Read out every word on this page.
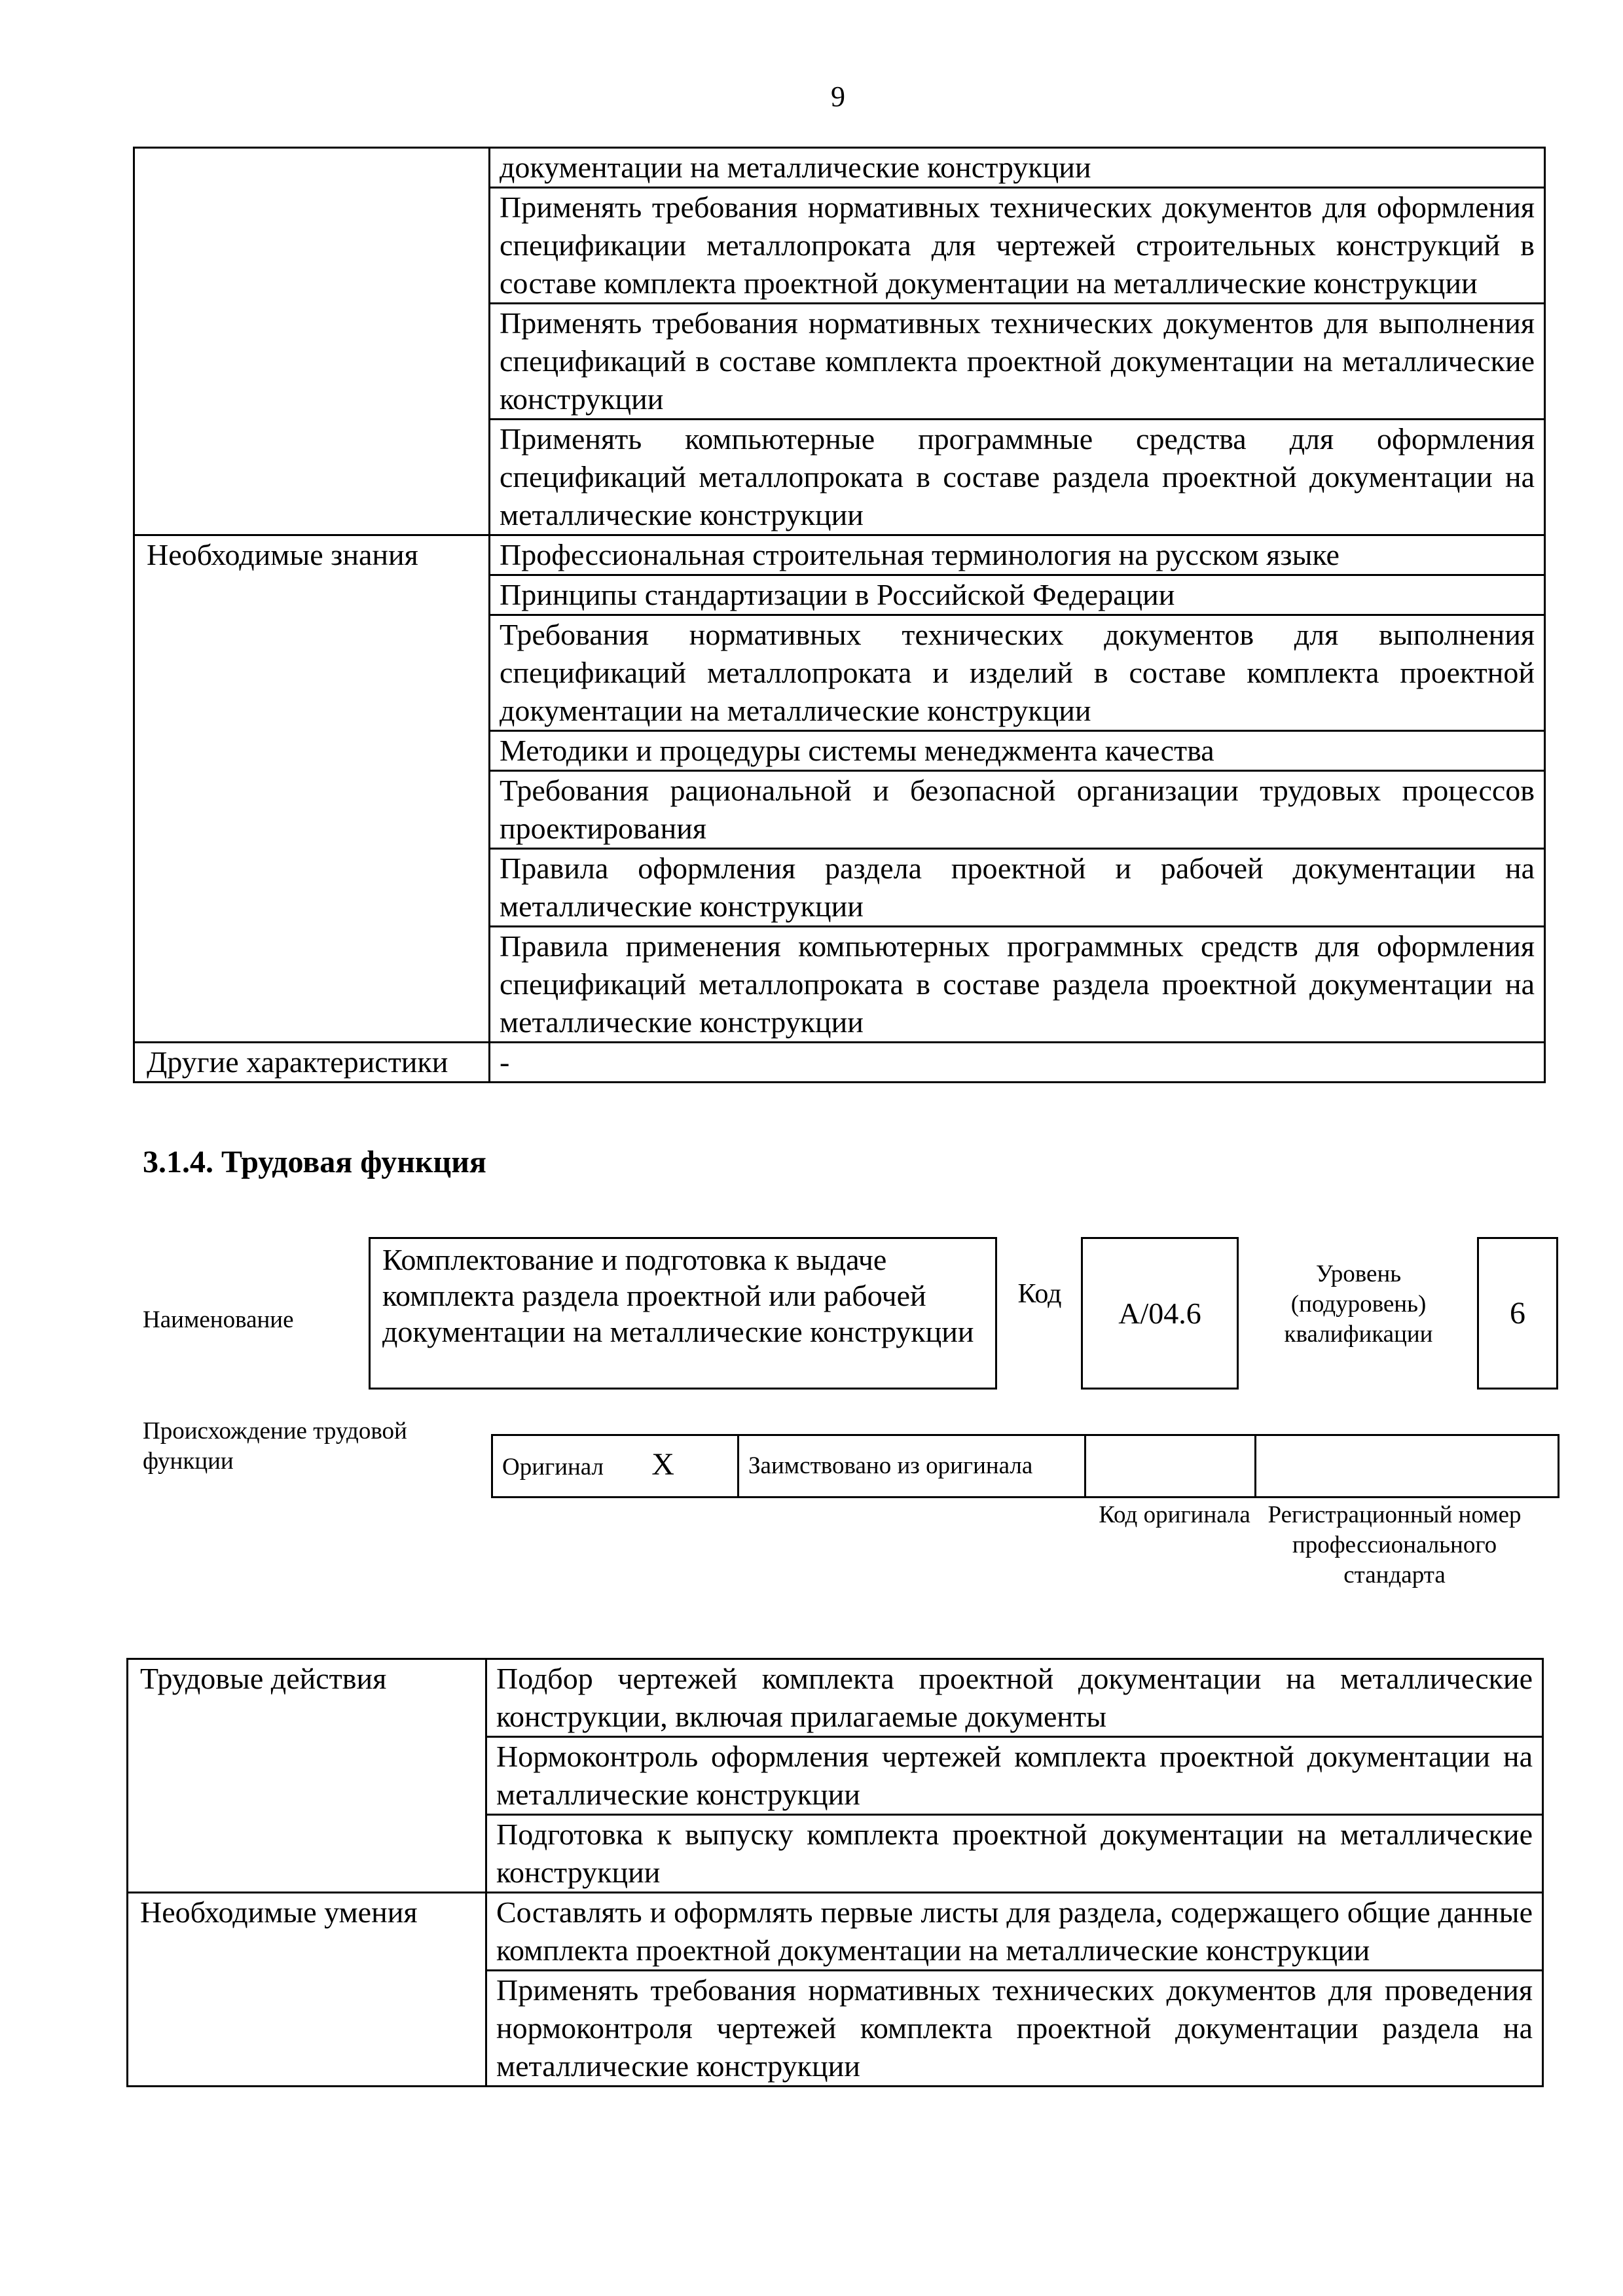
9
	документации на металлические конструкции
	Применять требования нормативных технических документов для оформления спецификации металлопроката для чертежей строительных конструкций в составе комплекта проектной документации на металлические конструкции
	Применять требования нормативных технических документов для выполнения спецификаций в составе комплекта проектной документации на металлические конструкции
	Применять компьютерные программные средства для оформления спецификаций металлопроката в составе раздела проектной документации на металлические конструкции
Необходимые знания	Профессиональная строительная терминология на русском языке
	Принципы стандартизации в Российской Федерации
	Требования нормативных технических документов для выполнения спецификаций металлопроката и изделий в составе комплекта проектной документации на металлические конструкции
	Методики и процедуры системы менеджмента качества
	Требования рациональной и безопасной организации трудовых процессов проектирования
	Правила оформления раздела проектной и рабочей документации на металлические конструкции
	Правила применения компьютерных программных средств для оформления спецификаций металлопроката в составе раздела проектной документации на металлические конструкции
Другие характеристики	-
3.1.4. Трудовая функция
Наименование
Комплектование и подготовка к выдаче комплекта раздела проектной или рабочей документации на металлические конструкции
Код
А/04.6
Уровень (подуровень) квалификации
6
Происхождение трудовой функции	Оригинал X	Заимствовано из оригинала		
Код оригинала Регистрационный номер профессионального стандарта
Трудовые действия	Подбор чертежей комплекта проектной документации на металлические конструкции, включая прилагаемые документы
	Нормоконтроль оформления чертежей комплекта проектной документации на металлические конструкции
	Подготовка к выпуску комплекта проектной документации на металлические конструкции
Необходимые умения	Составлять и оформлять первые листы для раздела, содержащего общие данные комплекта проектной документации на металлические конструкции
	Применять требования нормативных технических документов для проведения нормоконтроля чертежей комплекта проектной документации раздела на металлические конструкции
